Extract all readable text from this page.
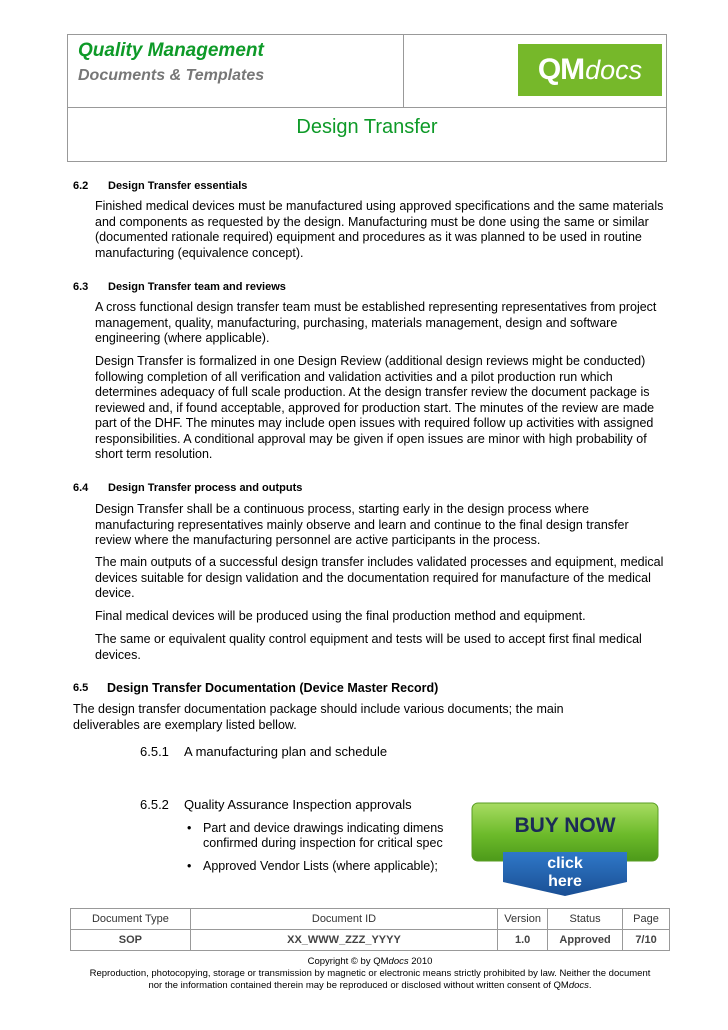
Quality Management
Documents & Templates	QM docs
Design Transfer
6.2 Design Transfer essentials
Finished medical devices must be manufactured using approved specifications and the same materials and components as requested by the design. Manufacturing must be done using the same or similar (documented rationale required) equipment and procedures as it was planned to be used in routine manufacturing (equivalence concept).
6.3 Design Transfer team and reviews
A cross functional design transfer team must be established representing representatives from project management, quality, manufacturing, purchasing, materials management, design and software engineering (where applicable).
Design Transfer is formalized in one Design Review (additional design reviews might be conducted) following completion of all verification and validation activities and a pilot production run which determines adequacy of full scale production. At the design transfer review the document package is reviewed and, if found acceptable, approved for production start. The minutes of the review are made part of the DHF. The minutes may include open issues with required follow up activities with assigned responsibilities. A conditional approval may be given if open issues are minor with high probability of short term resolution.
6.4 Design Transfer process and outputs
Design Transfer shall be a continuous process, starting early in the design process where manufacturing representatives mainly observe and learn and continue to the final design transfer review where the manufacturing personnel are active participants in the process.
The main outputs of a successful design transfer includes validated processes and equipment, medical devices suitable for design validation and the documentation required for manufacture of the medical device.
Final medical devices will be produced using the final production method and equipment.
The same or equivalent quality control equipment and tests will be used to accept first final medical devices.
6.5 Design Transfer Documentation (Device Master Record)
The design transfer documentation package should include various documents; the main deliverables are exemplary listed bellow.
6.5.1 A manufacturing plan and schedule
6.5.2 Quality Assurance Inspection approvals
• Part and device drawings indicating dimens
confirmed during inspection for critical spec
• Approved Vendor Lists (where applicable);
BUY NOW
click
here
Document Type	Document ID	Version	Status	Page
SOP	XX_WWW_ZZZ_YYYY	1.0	Approved	7/10
Copyright © by QMdocs 2010
Reproduction, photocopying, storage or transmission by magnetic or electronic means strictly prohibited by law. Neither the document
nor the information contained therein may be reproduced or disclosed without written consent of QMdocs.
